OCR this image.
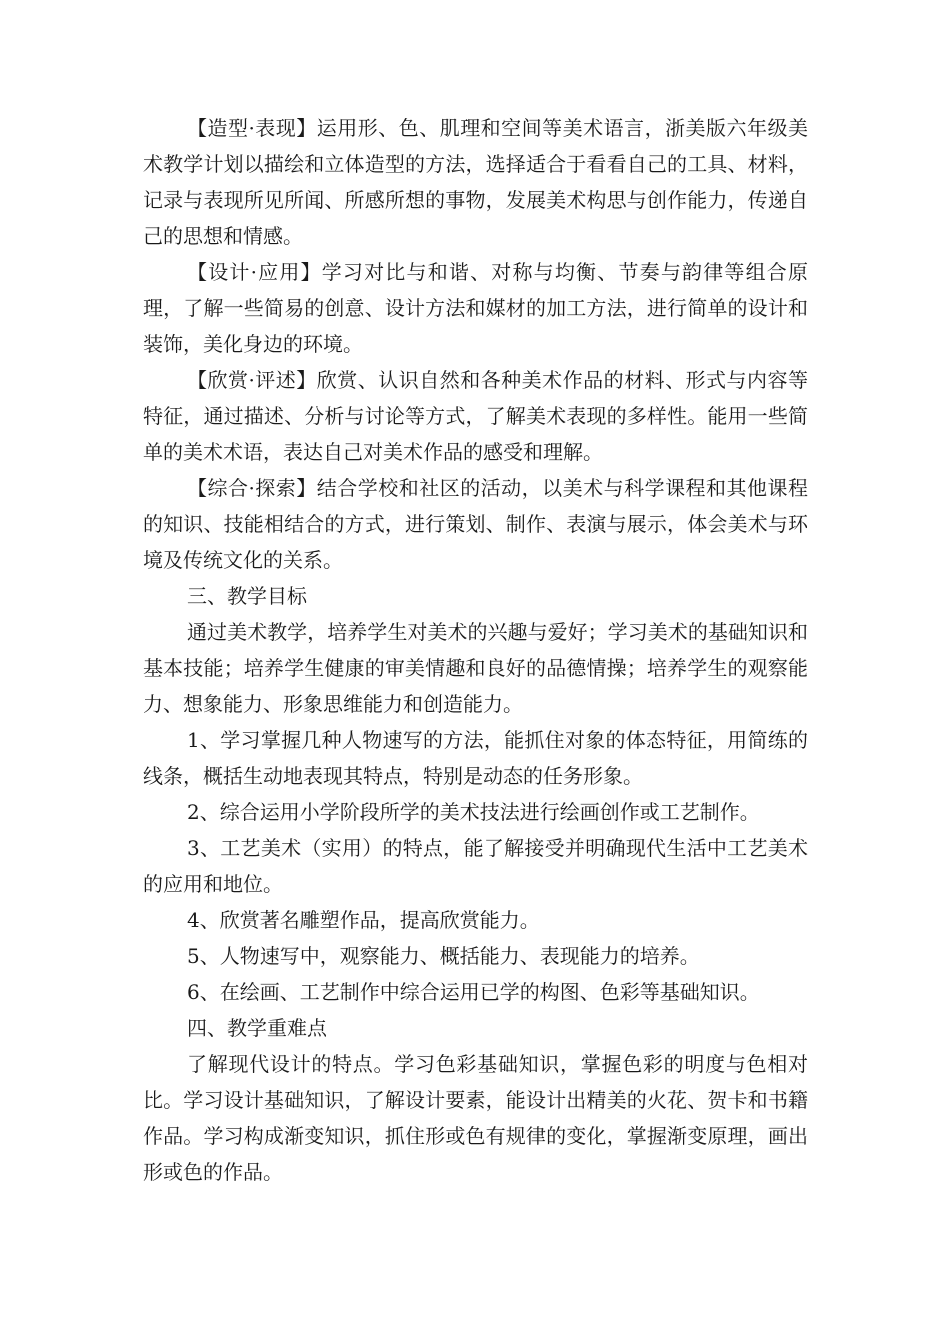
【造型·表现】运用形、色、肌理和空间等美术语言，浙美版六年级美术教学计划以描绘和立体造型的方法，选择适合于看看自己的工具、材料，记录与表现所见所闻、所感所想的事物，发展美术构思与创作能力，传递自己的思想和情感。

【设计·应用】学习对比与和谐、对称与均衡、节奏与韵律等组合原理，了解一些简易的创意、设计方法和媒材的加工方法，进行简单的设计和装饰，美化身边的环境。

【欣赏·评述】欣赏、认识自然和各种美术作品的材料、形式与内容等特征，通过描述、分析与讨论等方式，了解美术表现的多样性。能用一些简单的美术术语，表达自己对美术作品的感受和理解。

【综合·探索】结合学校和社区的活动，以美术与科学课程和其他课程的知识、技能相结合的方式，进行策划、制作、表演与展示，体会美术与环境及传统文化的关系。

三、教学目标

通过美术教学，培养学生对美术的兴趣与爱好；学习美术的基础知识和基本技能；培养学生健康的审美情趣和良好的品德情操；培养学生的观察能力、想象能力、形象思维能力和创造能力。

1、学习掌握几种人物速写的方法，能抓住对象的体态特征，用简练的线条，概括生动地表现其特点，特别是动态的任务形象。

2、综合运用小学阶段所学的美术技法进行绘画创作或工艺制作。

3、工艺美术（实用）的特点，能了解接受并明确现代生活中工艺美术的应用和地位。

4、欣赏著名雕塑作品，提高欣赏能力。

5、人物速写中，观察能力、概括能力、表现能力的培养。

6、在绘画、工艺制作中综合运用已学的构图、色彩等基础知识。

四、教学重难点

了解现代设计的特点。学习色彩基础知识，掌握色彩的明度与色相对比。学习设计基础知识，了解设计要素，能设计出精美的火花、贺卡和书籍作品。学习构成渐变知识，抓住形或色有规律的变化，掌握渐变原理，画出形或色的作品。
